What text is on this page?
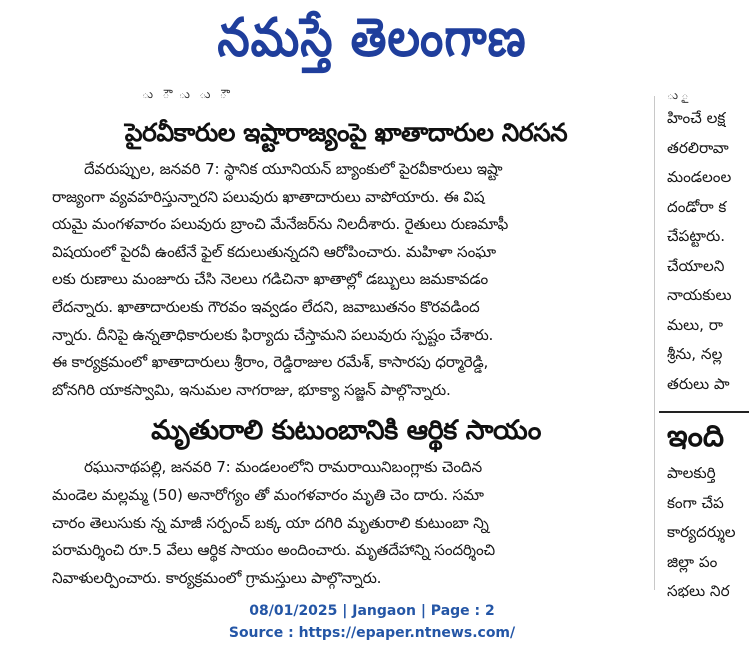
నమస్తే తెలంగాణ
ు ౌ ు ు ౌ
పైరవీకారుల ఇష్టారాజ్యంపై ఖాతాదారుల నిరసన
దేవరుప్పుల, జనవరి 7: స్థానిక యూనియన్ బ్యాంకులో పైరవీకారులు ఇష్టా
రాజ్యంగా వ్యవహరిస్తున్నారని పలువురు ఖాతాదారులు వాపోయారు. ఈ విష
యమై మంగళవారం పలువురు బ్రాంచి మేనేజర్‌ను నిలదీశారు. రైతులు రుణమాఫీ
విషయంలో పైరవీ ఉంటేనే ఫైల్ కదులుతున్నదని ఆరోపించారు. మహిళా సంఘా
లకు రుణాలు మంజూరు చేసి నెలలు గడిచినా ఖాతాల్లో డబ్బులు జమకావడం
లేదన్నారు. ఖాతాదారులకు గౌరవం ఇవ్వడం లేదని, జవాబుతనం కొరవడింద
న్నారు. దీనిపై ఉన్నతాధికారులకు ఫిర్యాదు చేస్తామని పలువురు స్పష్టం చేశారు.
ఈ కార్యక్రమంలో ఖాతాదారులు శ్రీరాం, రెడ్డిరాజుల రమేశ్, కాసారపు ధర్మారెడ్డి,
బోనగిరి యాకస్వామి, ఇనుమల నాగరాజు, భూక్యా సజ్జన్ పాల్గొన్నారు.
మృతురాలి కుటుంబానికి ఆర్థిక సాయం
రఘునాథపల్లి, జనవరి 7: మండలంలోని రామరాయినిబంగ్లాకు చెందిన
మండెల మల్లమ్మ (50) అనారోగ్యం తో మంగళవారం మృతి చెం దారు. సమా
చారం తెలుసుకు న్న మాజీ సర్పంచ్ బక్క యా దగిరి మృతురాలి కుటుంబా న్ని
పరామర్శించి రూ.5 వేలు ఆర్థిక సాయం అందించారు. మృతదేహాన్ని సందర్శించి
నివాళులర్పించారు. కార్యక్రమంలో గ్రామస్తులు పాల్గొన్నారు.
ు ౖ
హించే లక్ష
తరలిరావా
మండలంల
దండోరా క
చేపట్టారు.
చేయాలని
నాయకులు
మలు, రా
శ్రీను, నల్ల
తరులు పా
ఇంది
పాలకుర్తి
కంగా చేప
కార్యదర్శుల
జిల్లా పం
సభలు నిర
08/01/2025 | Jangaon | Page : 2
Source : https://epaper.ntnews.com/
